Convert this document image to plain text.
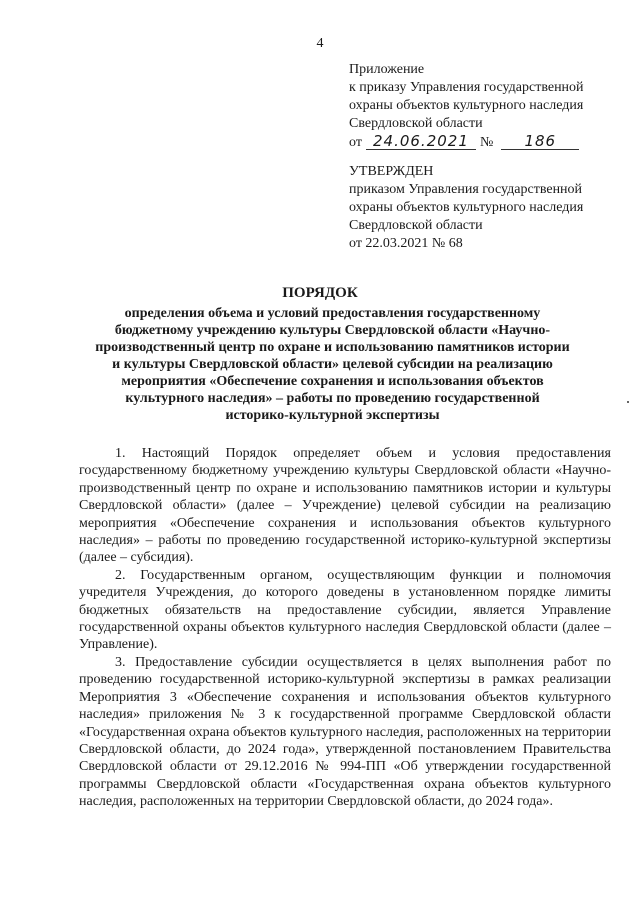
4
Приложение
к приказу Управления государственной
охраны объектов культурного наследия
Свердловской области
от 24.06.2021 №	186
УТВЕРЖДЕН
приказом Управления государственной
охраны объектов культурного наследия
Свердловской области
от 22.03.2021 № 68
ПОРЯДОК
определения объема и условий предоставления государственному бюджетному учреждению культуры Свердловской области «Научно-производственный центр по охране и использованию памятников истории и культуры Свердловской области» целевой субсидии на реализацию мероприятия «Обеспечение сохранения и использования объектов культурного наследия» – работы по проведению государственной историко-культурной экспертизы

1. Настоящий Порядок определяет объем и условия предоставления государственному бюджетному учреждению культуры Свердловской области «Научно-производственный центр по охране и использованию памятников истории и культуры Свердловской области» (далее – Учреждение) целевой субсидии на реализацию мероприятия «Обеспечение сохранения и использования объектов культурного наследия» – работы по проведению государственной историко-культурной экспертизы (далее – субсидия).

2. Государственным органом, осуществляющим функции и полномочия учредителя Учреждения, до которого доведены в установленном порядке лимиты бюджетных обязательств на предоставление субсидии, является Управление государственной охраны объектов культурного наследия Свердловской области (далее – Управление).

3. Предоставление субсидии осуществляется в целях выполнения работ по проведению государственной историко-культурной экспертизы в рамках реализации Мероприятия 3 «Обеспечение сохранения и использования объектов культурного наследия» приложения № 3 к государственной программе Свердловской области «Государственная охрана объектов культурного наследия, расположенных на территории Свердловской области, до 2024 года», утвержденной постановлением Правительства Свердловской области от 29.12.2016 № 994-ПП «Об утверждении государственной программы Свердловской области «Государственная охрана объектов культурного наследия, расположенных на территории Свердловской области, до 2024 года».
